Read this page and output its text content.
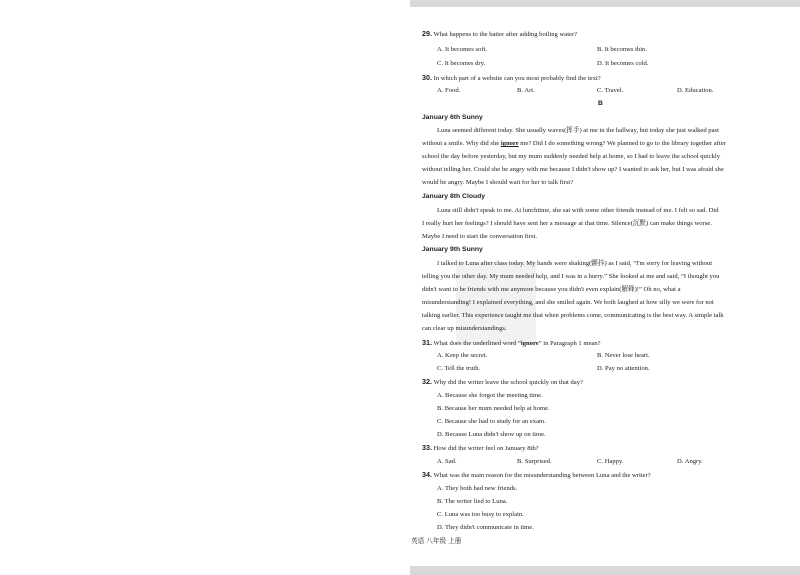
29. What happens to the batter after adding boiling water?
A. It becomes soft.	B. It becomes thin.
C. It becomes dry.	D. It becomes cold.
30. In which part of a website can you most probably find the text?
A. Food.	B. Art.	C. Travel.	D. Education.
B
January 6th Sunny
Luna seemed different today. She usually waves(挥手) at me in the hallway, but today she just walked past
without a smile. Why did she ignore me? Did I do something wrong? We planned to go to the library together after
school the day before yesterday, but my mum suddenly needed help at home, so I had to leave the school quickly
without telling her. Could she be angry with me because I didn't show up? I wanted to ask her, but I was afraid she
would be angry. Maybe I should wait for her to talk first?
January 8th Cloudy
Luna still didn't speak to me. At lunchtime, she sat with some other friends instead of me. I felt so sad. Did
I really hurt her feelings? I should have sent her a message at that time. Silence(沉默) can make things worse.
Maybe I need to start the conversation first.
January 9th Sunny
I talked to Luna after class today. My hands were shaking(颤抖) as I said, “I'm sorry for leaving without
telling you the other day. My mum needed help, and I was in a hurry.” She looked at me and said, “I thought you
didn't want to be friends with me anymore because you didn't even explain(解释)!” Oh no, what a
misunderstanding! I explained everything, and she smiled again. We both laughed at how silly we were for not
talking earlier. This experience taught me that when problems come, communicating is the best way. A simple talk
can clear up misunderstandings.
31. What does the underlined word “ignore” in Paragraph 1 mean?
A. Keep the secret.	B. Never lose heart.
C. Tell the truth.	D. Pay no attention.
32. Why did the writer leave the school quickly on that day?
A. Because she forgot the meeting time.
B. Because her mum needed help at home.
C. Because she had to study for an exam.
D. Because Luna didn't show up on time.
33. How did the writer feel on January 8th?
A. Sad.	B. Surprised.	C. Happy.	D. Angry.
34. What was the main reason for the misunderstanding between Luna and the writer?
A. They both had new friends.
B. The writer lied to Luna.
C. Luna was too busy to explain.
D. They didn't communicate in time.
英语 八年级 上册
